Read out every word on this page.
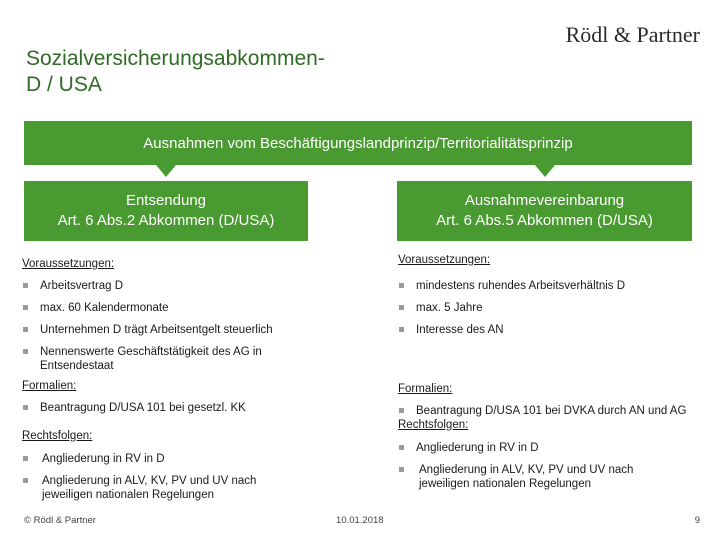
Sozialversicherungsabkommen-
D / USA
Rödl & Partner
Ausnahmen vom Beschäftigungslandprinzip/Territorialitätsprinzip
Entsendung
Art. 6 Abs.2 Abkommen (D/USA)
Ausnahmevereinbarung
Art. 6 Abs.5 Abkommen (D/USA)

Voraussetzungen:

Arbeitsvertrag D
max. 60 Kalendermonate
Unternehmen D trägt Arbeitsentgelt steuerlich
Nennenswerte Geschäftstätigkeit des AG in Entsendestaat

Formalien:

Beantragung D/USA 101 bei gesetzl. KK

Rechtsfolgen:

Angliederung in RV in D
Angliederung in ALV, KV, PV und UV nach jeweiligen nationalen Regelungen

Voraussetzungen:

mindestens ruhendes Arbeitsverhältnis D
max. 5 Jahre
Interesse des AN

Formalien:

Beantragung D/USA 101 bei DVKA durch AN und AG

Rechtsfolgen:

Angliederung in RV in D
Angliederung in ALV, KV, PV und UV nach jeweiligen nationalen Regelungen
© Rödl & Partner	10.01.2018	9
